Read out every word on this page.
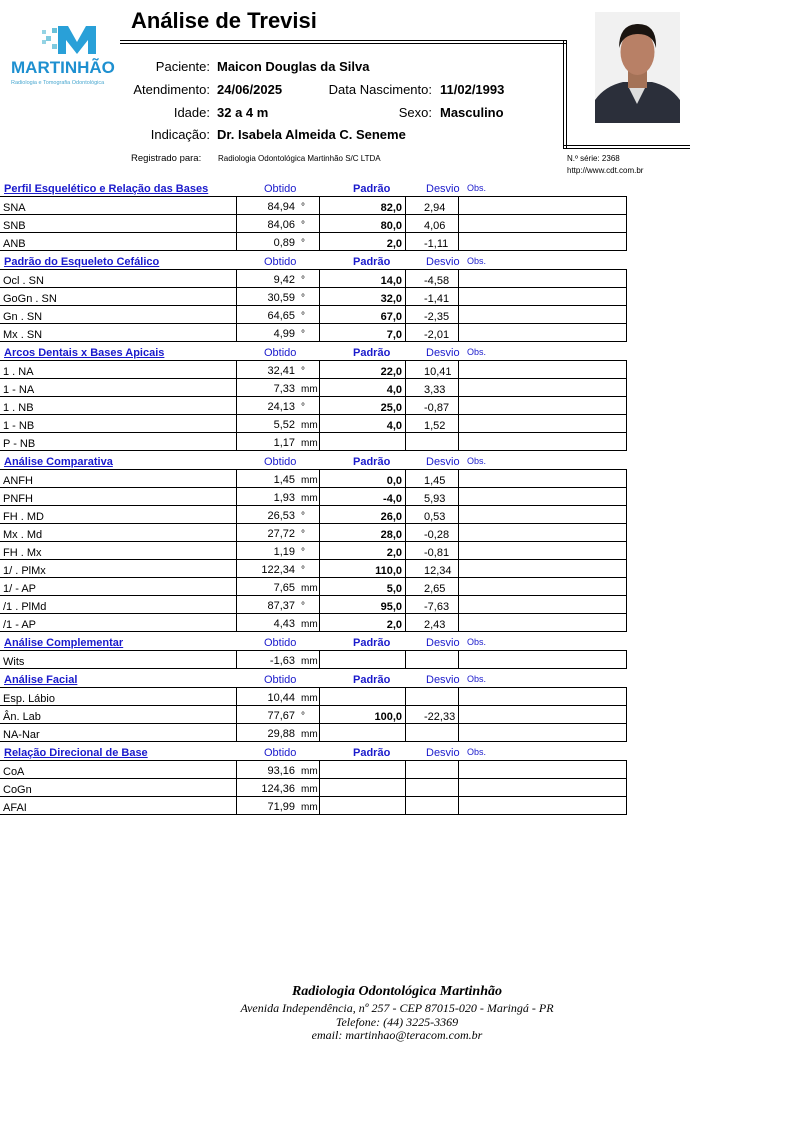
MARTINHÃO
Radiologia e Tomografia Odontológica
Análise de Trevisi
Paciente: Maicon Douglas da Silva
Atendimento: 24/06/2025	Data Nascimento: 11/02/1993
Idade: 32 a 4 m	Sexo: Masculino
Indicação: Dr. Isabela Almeida C. Seneme
Registrado para: Radiologia Odontológica Martinhão S/C LTDA	N.º série: 2368
http://www.cdt.com.br
Perfil Esquelético e Relação das Bases	Obtido	Padrão	Desvio Obs.
SNA	84,94 °	82,0	2,94	
SNB	84,06 °	80,0	4,06	
ANB	0,89 °	2,0	-1,11	
Padrão do Esqueleto Cefálico	Obtido	Padrão	Desvio Obs.
Ocl . SN	9,42 °	14,0	-4,58	
GoGn . SN	30,59 °	32,0	-1,41	
Gn . SN	64,65 °	67,0	-2,35	
Mx . SN	4,99 °	7,0	-2,01	
Arcos Dentais x Bases Apicais	Obtido	Padrão	Desvio Obs.
1 . NA	32,41 °	22,0	10,41	
1 - NA	7,33 mm	4,0	3,33	
1 . NB	24,13 °	25,0	-0,87	
1 - NB	5,52 mm	4,0	1,52	
P - NB	1,17 mm			
Análise Comparativa	Obtido	Padrão	Desvio Obs.
ANFH	1,45 mm	0,0	1,45	
PNFH	1,93 mm	-4,0	5,93	
FH . MD	26,53 °	26,0	0,53	
Mx . Md	27,72 °	28,0	-0,28	
FH . Mx	1,19 °	2,0	-0,81	
1/ . PlMx	122,34 °	110,0	12,34	
1/ - AP	7,65 mm	5,0	2,65	
/1 . PlMd	87,37 °	95,0	-7,63	
/1 - AP	4,43 mm	2,0	2,43	
Análise Complementar	Obtido	Padrão	Desvio Obs.
Wits	-1,63 mm			
Análise Facial	Obtido	Padrão	Desvio Obs.
Esp. Lábio	10,44 mm			
Ân. Lab	77,67 °	100,0	-22,33	
NA-Nar	29,88 mm			
Relação Direcional de Base	Obtido	Padrão	Desvio Obs.
CoA	93,16 mm			
CoGn	124,36 mm			
AFAI	71,99 mm			
Radiologia Odontológica Martinhão
Avenida Independência, nº 257 - CEP 87015-020 - Maringá - PR
Telefone: (44) 3225-3369
email: martinhao@teracom.com.br
